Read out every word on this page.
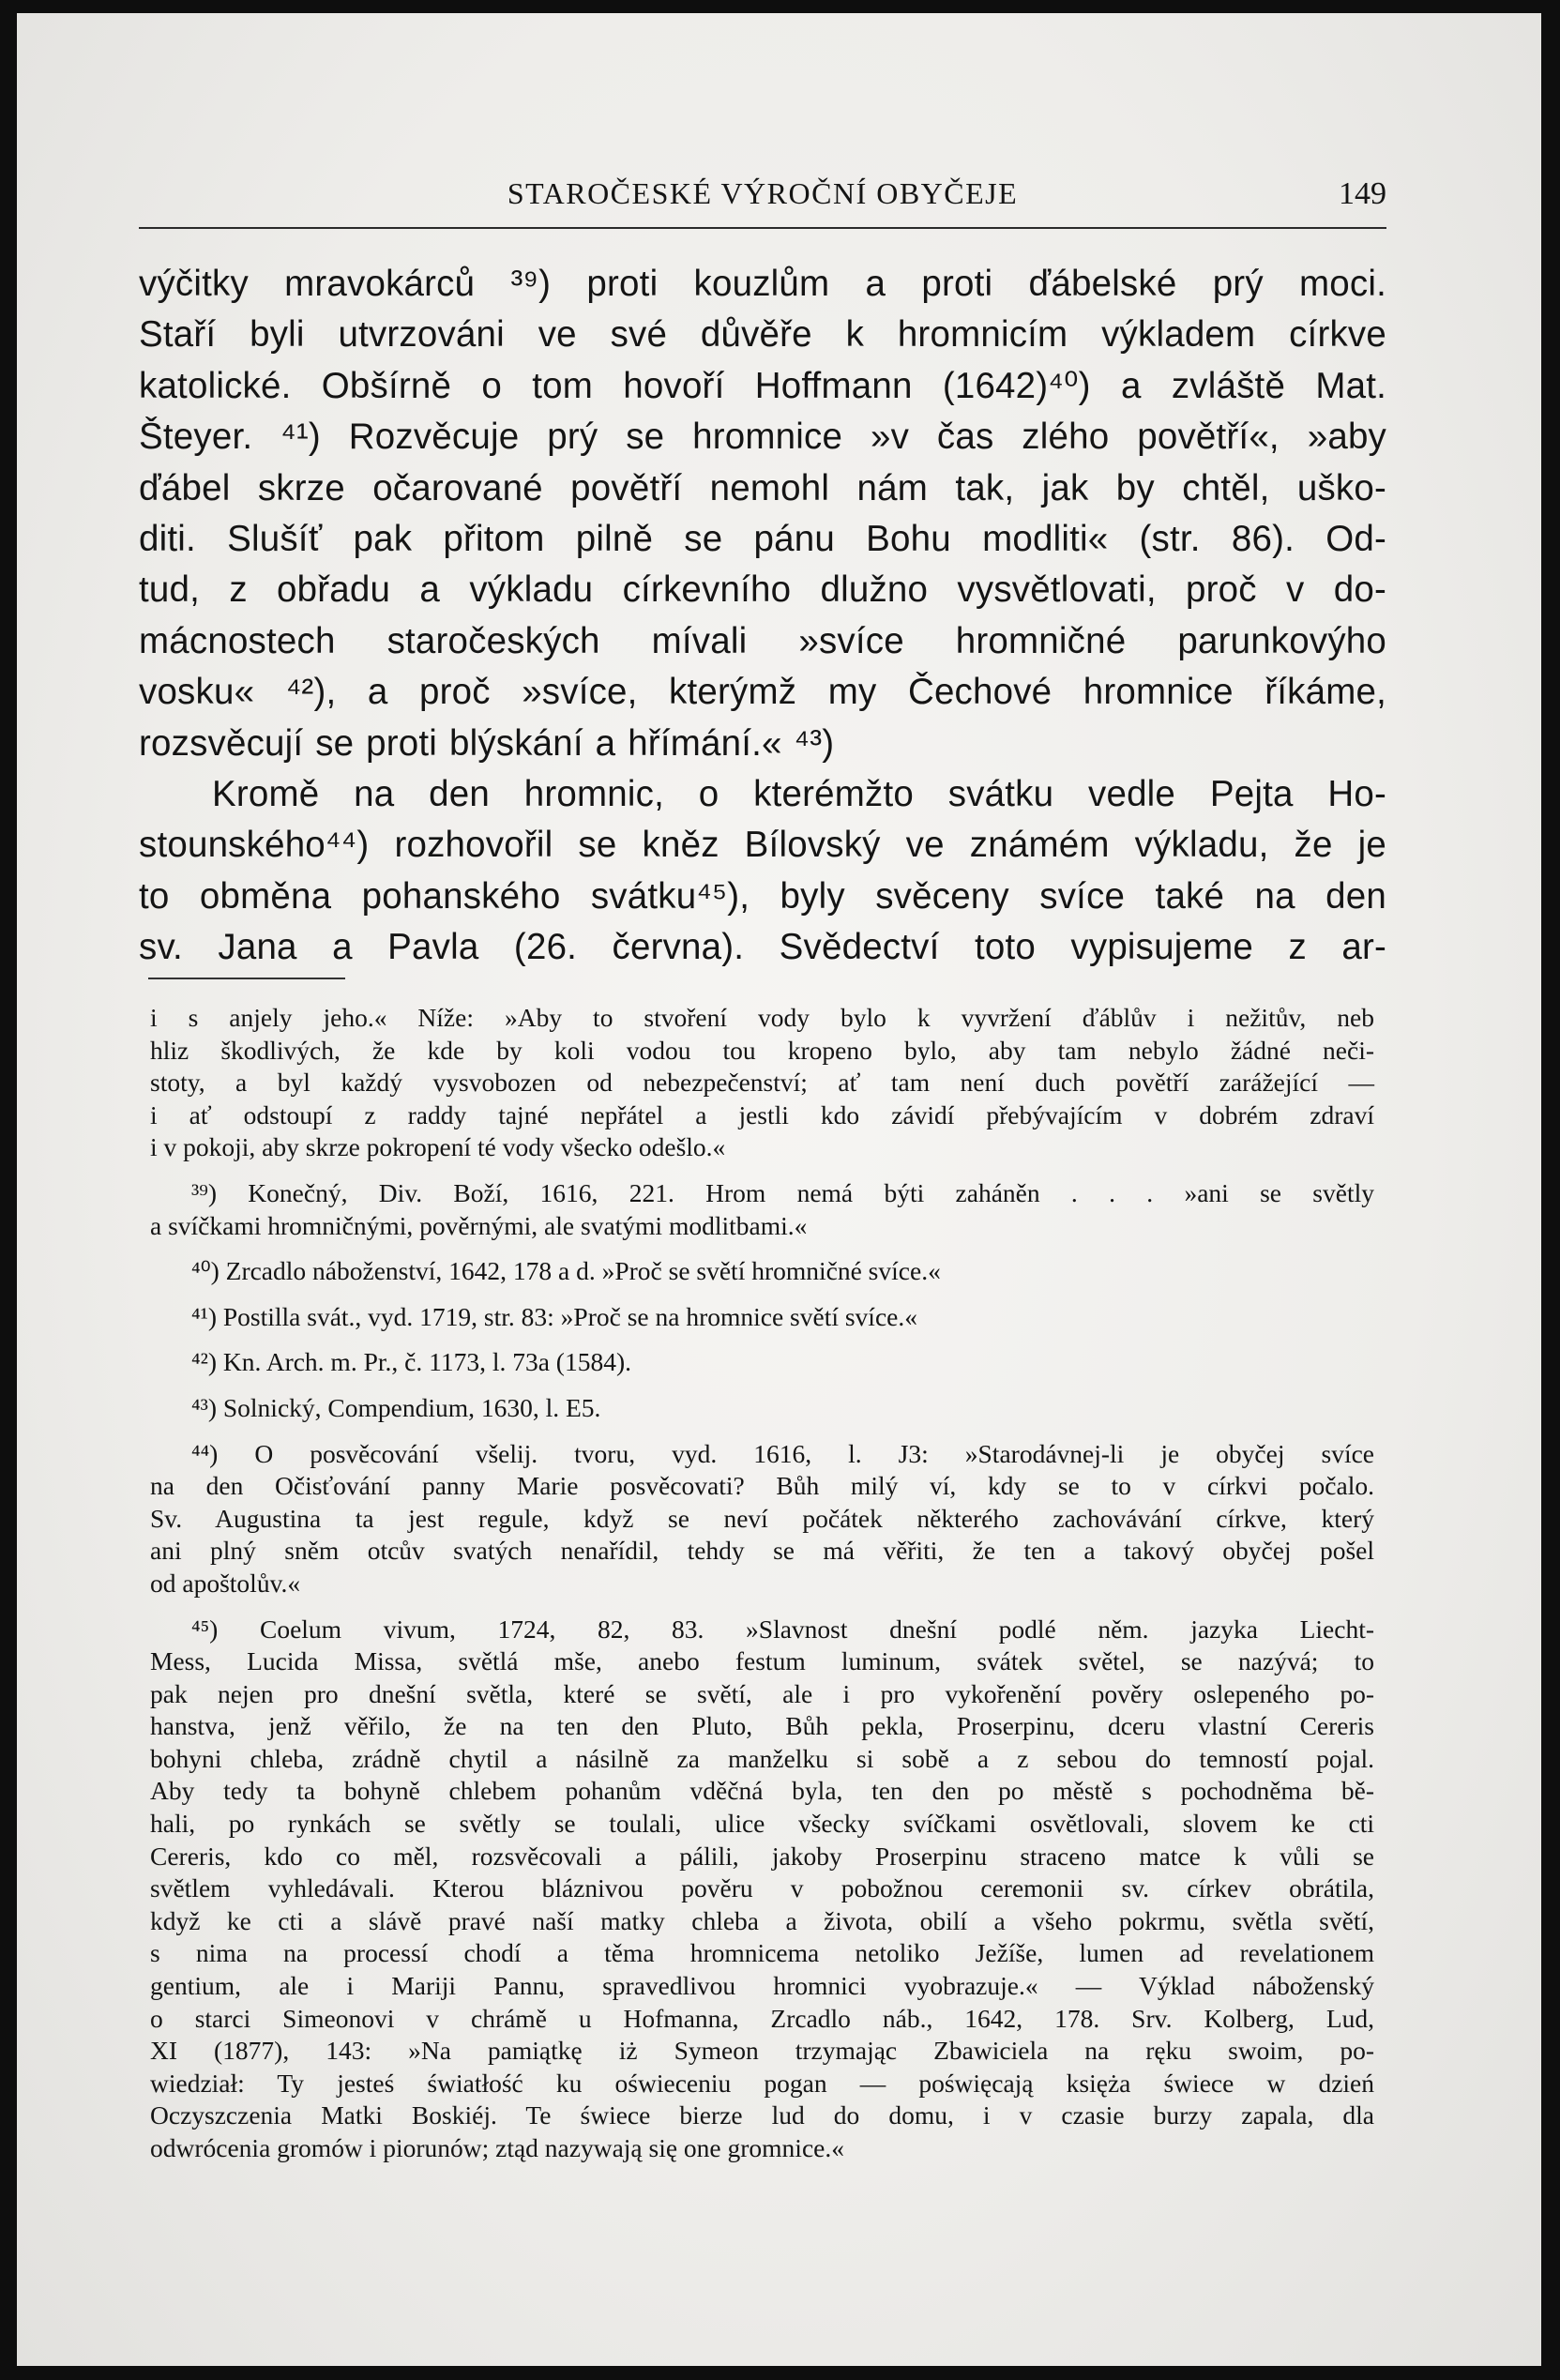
STAROČESKÉ VÝROČNÍ OBYČEJE	149
výčitky mravokárců ³⁹) proti kouzlům a proti ďábelské prý moci.
Staří byli utvrzováni ve své důvěře k hromnicím výkladem církve
katolické. Obšírně o tom hovoří Hoffmann (1642)⁴⁰) a zvláště Mat.
Šteyer. ⁴¹) Rozvěcuje prý se hromnice »v čas zlého povětří«, »aby
ďábel skrze očarované povětří nemohl nám tak, jak by chtěl, uško-
diti. Slušíť pak přitom pilně se pánu Bohu modliti« (str. 86). Od-
tud, z obřadu a výkladu církevního dlužno vysvětlovati, proč v do-
mácnostech staročeských mívali »svíce hromničné parunkovýho
vosku« ⁴²), a proč »svíce, kterýmž my Čechové hromnice říkáme,
rozsvěcují se proti blýskání a hřímání.« ⁴³)
Kromě na den hromnic, o kterémžto svátku vedle Pejta Ho-
stounského⁴⁴) rozhovořil se kněz Bílovský ve známém výkladu, že je
to obměna pohanského svátku⁴⁵), byly svěceny svíce také na den
sv. Jana a Pavla (26. června). Svědectví toto vypisujeme z ar-
i s anjely jeho.« Níže: »Aby to stvoření vody bylo k vyvržení ďáblův i nežitův, neb
hliz škodlivých, že kde by koli vodou tou kropeno bylo, aby tam nebylo žádné neči-
stoty, a byl každý vysvobozen od nebezpečenství; ať tam není duch povětří zarážející —
i ať odstoupí z raddy tajné nepřátel a jestli kdo závidí přebývajícím v dobrém zdraví
i v pokoji, aby skrze pokropení té vody všecko odešlo.«
³⁹) Konečný, Div. Boží, 1616, 221. Hrom nemá býti zaháněn . . . »ani se světly
a svíčkami hromničnými, pověrnými, ale svatými modlitbami.«
⁴⁰) Zrcadlo náboženství, 1642, 178 a d. »Proč se světí hromničné svíce.«
⁴¹) Postilla svát., vyd. 1719, str. 83: »Proč se na hromnice světí svíce.«
⁴²) Kn. Arch. m. Pr., č. 1173, l. 73a (1584).
⁴³) Solnický, Compendium, 1630, l. E5.
⁴⁴) O posvěcování všelij. tvoru, vyd. 1616, l. J3: »Starodávnej-li je obyčej svíce
na den Očisťování panny Marie posvěcovati? Bůh milý ví, kdy se to v církvi počalo.
Sv. Augustina ta jest regule, když se neví počátek některého zachovávání církve, který
ani plný sněm otcův svatých nenařídil, tehdy se má věřiti, že ten a takový obyčej pošel
od apoštolův.«
⁴⁵) Coelum vivum, 1724, 82, 83. »Slavnost dnešní podlé něm. jazyka Liecht-
Mess, Lucida Missa, světlá mše, anebo festum luminum, svátek světel, se nazývá; to
pak nejen pro dnešní světla, které se světí, ale i pro vykořenění pověry oslepeného po-
hanstva, jenž věřilo, že na ten den Pluto, Bůh pekla, Proserpinu, dceru vlastní Cereris
bohyni chleba, zrádně chytil a násilně za manželku si sobě a z sebou do temností pojal.
Aby tedy ta bohyně chlebem pohanům vděčná byla, ten den po městě s pochodněma bě-
hali, po rynkách se světly se toulali, ulice všecky svíčkami osvětlovali, slovem ke cti
Cereris, kdo co měl, rozsvěcovali a pálili, jakoby Proserpinu straceno matce k vůli se
světlem vyhledávali. Kterou bláznivou pověru v pobožnou ceremonii sv. církev obrátila,
když ke cti a slávě pravé naší matky chleba a života, obilí a všeho pokrmu, světla světí,
s nima na processí chodí a těma hromnicema netoliko Ježíše, lumen ad revelationem
gentium, ale i Mariji Pannu, spravedlivou hromnici vyobrazuje.« — Výklad náboženský
o starci Simeonovi v chrámě u Hofmanna, Zrcadlo náb., 1642, 178. Srv. Kolberg, Lud,
XI (1877), 143: »Na pamiątkę iż Symeon trzymając Zbawiciela na ręku swoim, po-
wiedział: Ty jesteś światłość ku oświeceniu pogan — poświęcają księża świece w dzień
Oczyszczenia Matki Boskiéj. Te świece bierze lud do domu, i v czasie burzy zapala, dla
odwrócenia gromów i piorunów; ztąd nazywają się one gromnice.«
